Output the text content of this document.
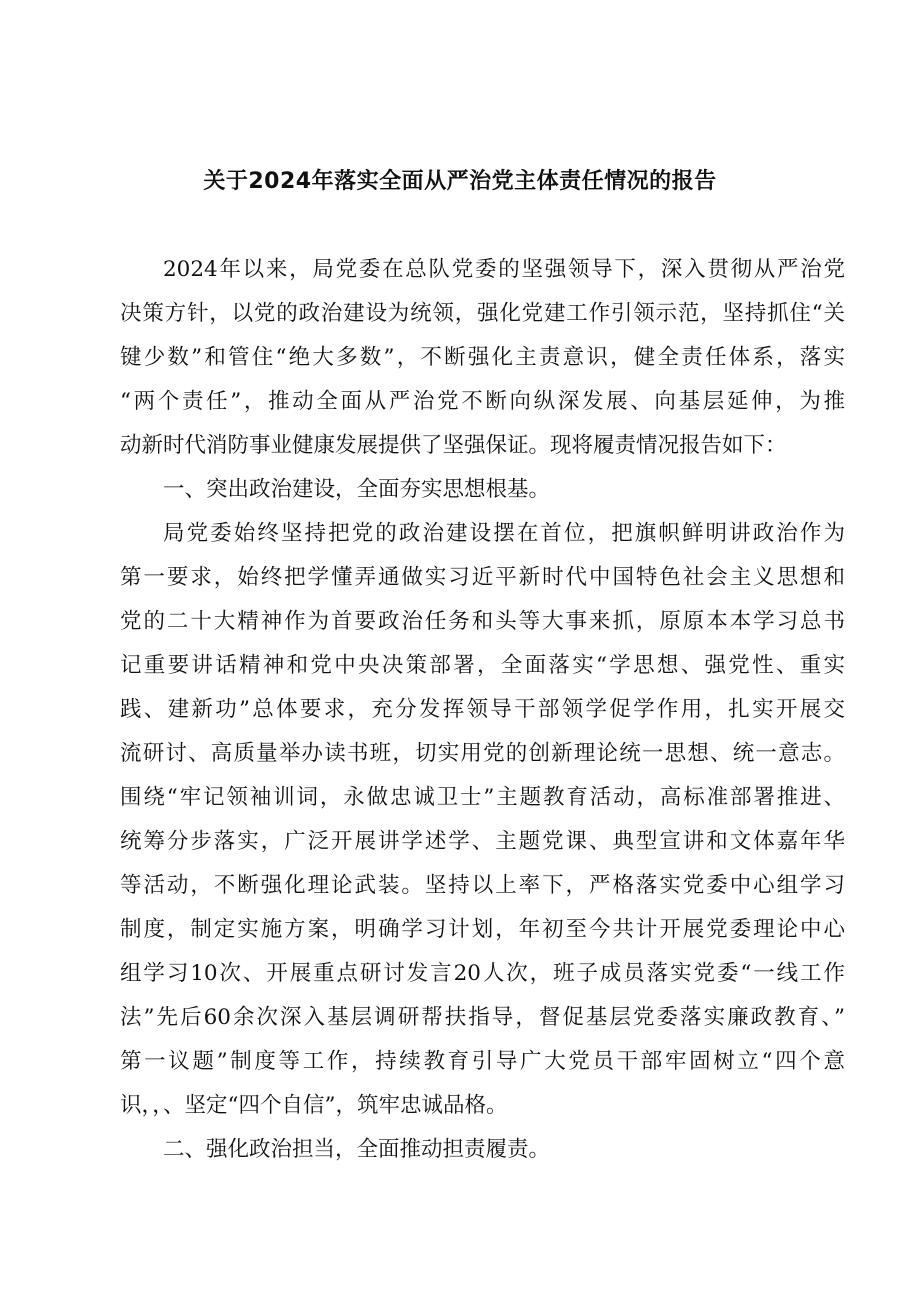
关于2024年落实全面从严治党主体责任情况的报告
2024年以来，局党委在总队党委的坚强领导下，深入贯彻从严治党
决策方针，以党的政治建设为统领，强化党建工作引领示范，坚持抓住“关
键少数”和管住“绝大多数”，不断强化主责意识，健全责任体系，落实
“两个责任”，推动全面从严治党不断向纵深发展、向基层延伸，为推
动新时代消防事业健康发展提供了坚强保证。现将履责情况报告如下：
一、突出政治建设，全面夯实思想根基。
局党委始终坚持把党的政治建设摆在首位，把旗帜鲜明讲政治作为
第一要求，始终把学懂弄通做实习近平新时代中国特色社会主义思想和
党的二十大精神作为首要政治任务和头等大事来抓，原原本本学习总书
记重要讲话精神和党中央决策部署，全面落实“学思想、强党性、重实
践、建新功”总体要求，充分发挥领导干部领学促学作用，扎实开展交
流研讨、高质量举办读书班，切实用党的创新理论统一思想、统一意志。
围绕“牢记领袖训词，永做忠诚卫士”主题教育活动，高标准部署推进、
统筹分步落实，广泛开展讲学述学、主题党课、典型宣讲和文体嘉年华
等活动，不断强化理论武装。坚持以上率下，严格落实党委中心组学习
制度，制定实施方案，明确学习计划，年初至今共计开展党委理论中心
组学习10次、开展重点研讨发言20人次，班子成员落实党委“一线工作
法”先后60余次深入基层调研帮扶指导，督促基层党委落实廉政教育、”
第一议题”制度等工作，持续教育引导广大党员干部牢固树立“四个意
识，，、坚定“四个自信”，筑牢忠诚品格。
二、强化政治担当，全面推动担责履责。
